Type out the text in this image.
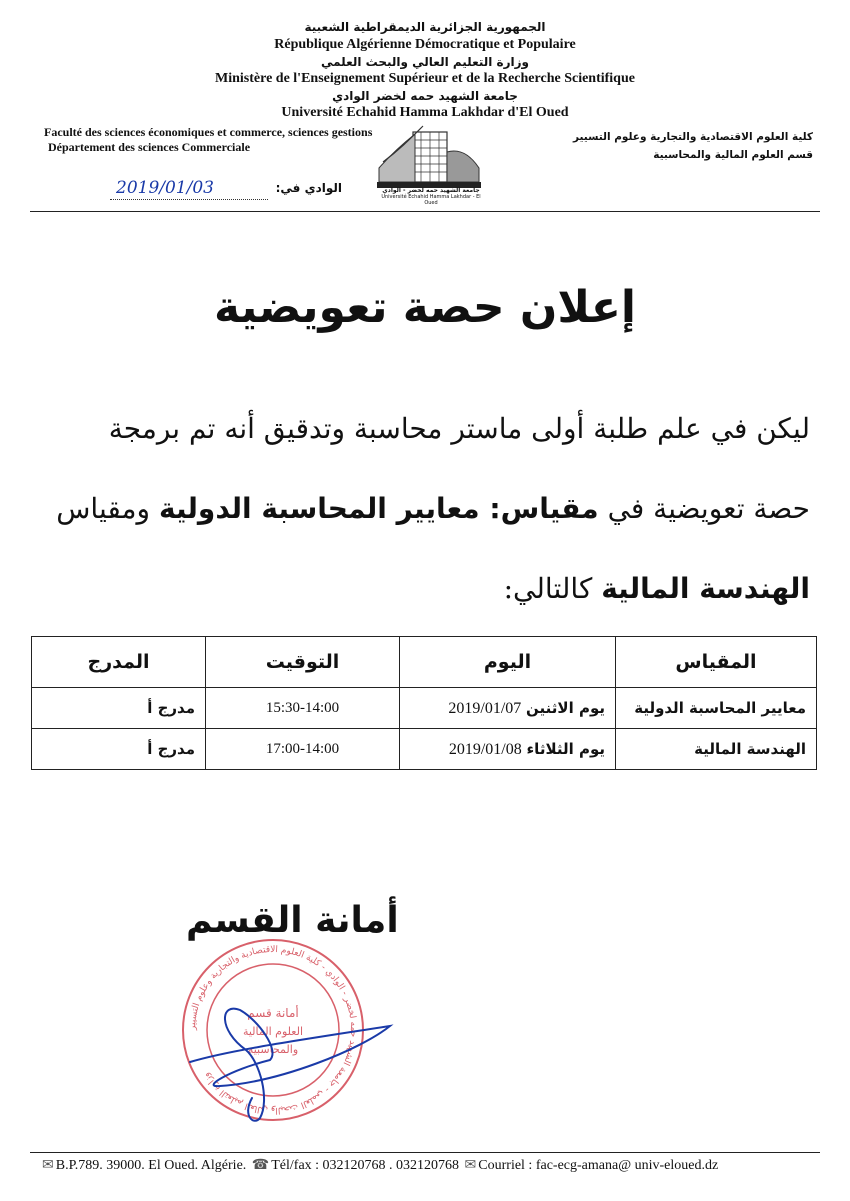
الجمهورية الجزائرية الديمقراطية الشعبية
République Algérienne Démocratique et Populaire
وزارة التعليم العالي والبحث العلمي
Ministère de l'Enseignement Supérieur et de la Recherche Scientifique
جامعة الشهيد حمه لخضر الوادي
Université Echahid Hamma Lakhdar d'El Oued
Faculté des sciences économiques et commerce, sciences gestions
Département des sciences Commerciale
كلية العلوم الاقتصادية والتجارية وعلوم التسيير
قسم العلوم المالية والمحاسبية
2019/01/03	الوادي في:	جامعة الشهيد حمه لخضر - الوادي
Université Echahid Hamma Lakhdar - El Oued
إعلان حصة تعويضية
ليكن في علم طلبة أولى ماستر محاسبة وتدقيق أنه تم برمجة
حصة تعويضية في مقياس: معايير المحاسبة الدولية ومقياس
الهندسة المالية كالتالي:
المقياس	اليوم	التوقيت	المدرج
معايير المحاسبة الدولية	يوم الاثنين 2019/01/07	15:30-14:00	مدرج أ
الهندسة المالية	يوم الثلاثاء 2019/01/08	17:00-14:00	مدرج أ
أمانة القسم
وزارة التعليم العالي والبحث العلمي - جامعة الشهيد حمه لخضر - الوادي - كلية العلوم الاقتصادية والتجارية وعلوم التسيير
أمانة قسم
العلوم المالية
والمحاسبية
✉ B.P.789. 39000. El Oued. Algérie. ☎ Tél/fax : 032120768 . 032120768 ✉ Courriel : fac-ecg-amana@ univ-eloued.dz
